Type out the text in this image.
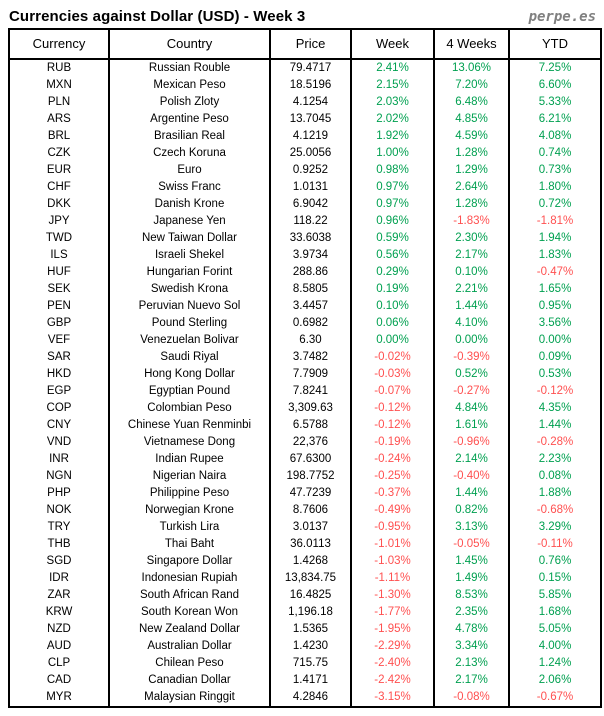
Currencies against Dollar (USD) - Week 3	perpe.es
Currency	Country	Price	Week	4 Weeks	YTD
RUB	Russian Rouble	79.4717	2.41%	13.06%	7.25%
MXN	Mexican Peso	18.5196	2.15%	7.20%	6.60%
PLN	Polish Zloty	4.1254	2.03%	6.48%	5.33%
ARS	Argentine Peso	13.7045	2.02%	4.85%	6.21%
BRL	Brasilian Real	4.1219	1.92%	4.59%	4.08%
CZK	Czech Koruna	25.0056	1.00%	1.28%	0.74%
EUR	Euro	0.9252	0.98%	1.29%	0.73%
CHF	Swiss Franc	1.0131	0.97%	2.64%	1.80%
DKK	Danish Krone	6.9042	0.97%	1.28%	0.72%
JPY	Japanese Yen	118.22	0.96%	-1.83%	-1.81%
TWD	New Taiwan Dollar	33.6038	0.59%	2.30%	1.94%
ILS	Israeli Shekel	3.9734	0.56%	2.17%	1.83%
HUF	Hungarian Forint	288.86	0.29%	0.10%	-0.47%
SEK	Swedish Krona	8.5805	0.19%	2.21%	1.65%
PEN	Peruvian Nuevo Sol	3.4457	0.10%	1.44%	0.95%
GBP	Pound Sterling	0.6982	0.06%	4.10%	3.56%
VEF	Venezuelan Bolivar	6.30	0.00%	0.00%	0.00%
SAR	Saudi Riyal	3.7482	-0.02%	-0.39%	0.09%
HKD	Hong Kong Dollar	7.7909	-0.03%	0.52%	0.53%
EGP	Egyptian Pound	7.8241	-0.07%	-0.27%	-0.12%
COP	Colombian Peso	3,309.63	-0.12%	4.84%	4.35%
CNY	Chinese Yuan Renminbi	6.5788	-0.12%	1.61%	1.44%
VND	Vietnamese Dong	22,376	-0.19%	-0.96%	-0.28%
INR	Indian Rupee	67.6300	-0.24%	2.14%	2.23%
NGN	Nigerian Naira	198.7752	-0.25%	-0.40%	0.08%
PHP	Philippine Peso	47.7239	-0.37%	1.44%	1.88%
NOK	Norwegian Krone	8.7606	-0.49%	0.82%	-0.68%
TRY	Turkish Lira	3.0137	-0.95%	3.13%	3.29%
THB	Thai Baht	36.0113	-1.01%	-0.05%	-0.11%
SGD	Singapore Dollar	1.4268	-1.03%	1.45%	0.76%
IDR	Indonesian Rupiah	13,834.75	-1.11%	1.49%	0.15%
ZAR	South African Rand	16.4825	-1.30%	8.53%	5.85%
KRW	South Korean Won	1,196.18	-1.77%	2.35%	1.68%
NZD	New Zealand Dollar	1.5365	-1.95%	4.78%	5.05%
AUD	Australian Dollar	1.4230	-2.29%	3.34%	4.00%
CLP	Chilean Peso	715.75	-2.40%	2.13%	1.24%
CAD	Canadian Dollar	1.4171	-2.42%	2.17%	2.06%
MYR	Malaysian Ringgit	4.2846	-3.15%	-0.08%	-0.67%
